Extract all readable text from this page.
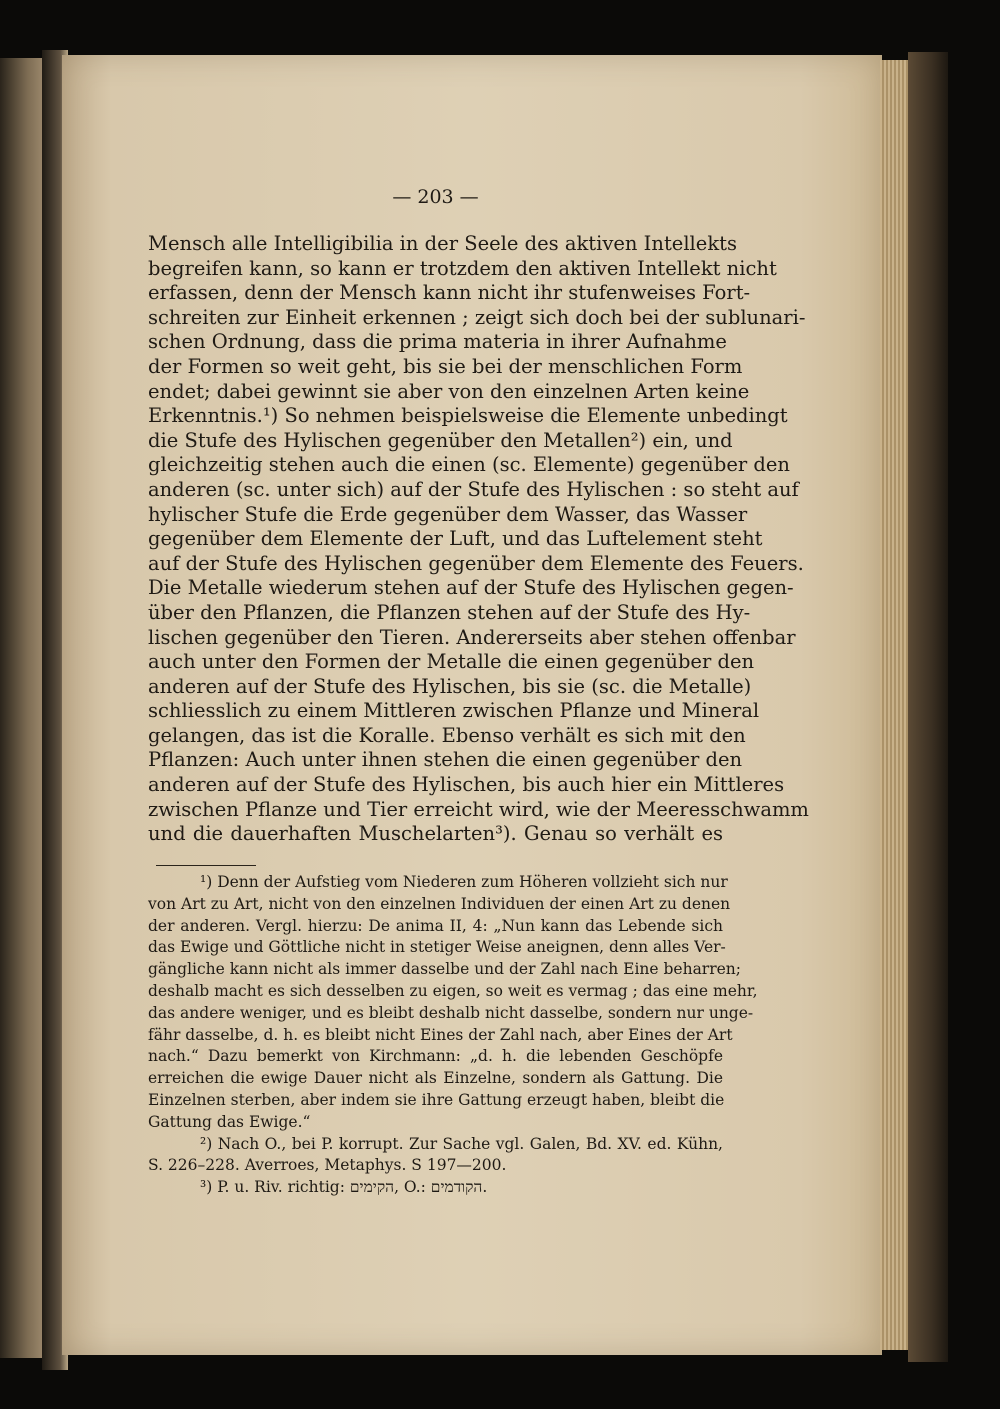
— 203 —
Mensch alle Intelligibilia in der Seele des aktiven Intellekts
begreifen kann, so kann er trotzdem den aktiven Intellekt nicht
erfassen, denn der Mensch kann nicht ihr stufenweises Fort-
schreiten zur Einheit erkennen ; zeigt sich doch bei der sublunari-
schen Ordnung, dass die prima materia in ihrer Aufnahme
der Formen so weit geht, bis sie bei der menschlichen Form
endet; dabei gewinnt sie aber von den einzelnen Arten keine
Erkenntnis.¹) So nehmen beispielsweise die Elemente unbedingt
die Stufe des Hylischen gegenüber den Metallen²) ein, und
gleichzeitig stehen auch die einen (sc. Elemente) gegenüber den
anderen (sc. unter sich) auf der Stufe des Hylischen : so steht auf
hylischer Stufe die Erde gegenüber dem Wasser, das Wasser
gegenüber dem Elemente der Luft, und das Luftelement steht
auf der Stufe des Hylischen gegenüber dem Elemente des Feuers.
Die Metalle wiederum stehen auf der Stufe des Hylischen gegen-
über den Pflanzen, die Pflanzen stehen auf der Stufe des Hy-
lischen gegenüber den Tieren. Andererseits aber stehen offenbar
auch unter den Formen der Metalle die einen gegenüber den
anderen auf der Stufe des Hylischen, bis sie (sc. die Metalle)
schliesslich zu einem Mittleren zwischen Pflanze und Mineral
gelangen, das ist die Koralle. Ebenso verhält es sich mit den
Pflanzen: Auch unter ihnen stehen die einen gegenüber den
anderen auf der Stufe des Hylischen, bis auch hier ein Mittleres
zwischen Pflanze und Tier erreicht wird, wie der Meeresschwamm
und die dauerhaften Muschelarten³). Genau so verhält es
¹) Denn der Aufstieg vom Niederen zum Höheren vollzieht sich nur
von Art zu Art, nicht von den einzelnen Individuen der einen Art zu denen
der anderen. Vergl. hierzu: De anima II, 4: „Nun kann das Lebende sich
das Ewige und Göttliche nicht in stetiger Weise aneignen, denn alles Ver-
gängliche kann nicht als immer dasselbe und der Zahl nach Eine beharren;
deshalb macht es sich desselben zu eigen, so weit es vermag ; das eine mehr,
das andere weniger, und es bleibt deshalb nicht dasselbe, sondern nur unge-
fähr dasselbe, d. h. es bleibt nicht Eines der Zahl nach, aber Eines der Art
nach.“ Dazu bemerkt von Kirchmann: „d. h. die lebenden Geschöpfe
erreichen die ewige Dauer nicht als Einzelne, sondern als Gattung. Die
Einzelnen sterben, aber indem sie ihre Gattung erzeugt haben, bleibt die
Gattung das Ewige.“
²) Nach O., bei P. korrupt. Zur Sache vgl. Galen, Bd. XV. ed. Kühn,
S. 226–228. Averroes, Metaphys. S 197—200.
³) P. u. Riv. richtig: הקימים, O.: הקודמים.
